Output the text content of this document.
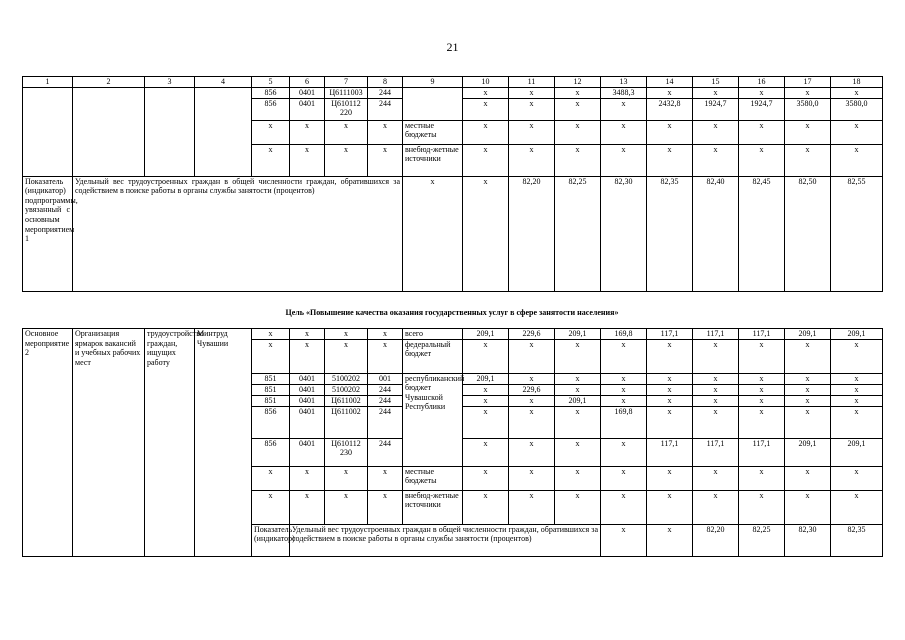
21
1	2	3	4	5	6	7	8	9	10	11	12	13	14	15	16	17	18
				856	0401	Ц6111003	244		x	x	x	3488,3	x	x	x	x	x
				856	0401	Ц610112 220	244		x	x	x	x	2432,8	1924,7	1924,7	3580,0	3580,0
				x	x	x	x	местные бюджеты	x	x	x	x	x	x	x	x	x
				x	x	x	x	внебюд-жетные источники	x	x	x	x	x	x	x	x	x
Показатель (индикатор) подпрограммы, увязанный с основным мероприятием 1	Удельный вес трудоустроенных граждан в общей численности граждан, обратившихся за содействием в поиске работы в органы службы занятости (процентов)							x	x	82,20	82,25	82,30	82,35	82,40	82,45	82,50	82,55
Цель «Повышение качества оказания государственных услуг в сфере занятости населения»
Основное мероприятие 2	Организация ярмарок вакансий и учебных рабочих мест	трудоустройство граждан, ищущих работу	Минтруд Чувашии	x	x	x	x	всего	209,1	229,6	209,1	169,8	117,1	117,1	117,1	209,1	209,1	
				x	x	x	x	федеральный бюджет	x	x	x	x	x	x	x	x	x	
				851	0401	5100202	001	республиканский бюджет Чувашской Республики	209,1	x	x	x	x	x	x	x	x	
				851	0401	5100202	244		x	229,6	x	x	x	x	x	x	x	
				851	0401	Ц611002	244		x	x	209,1	x	x	x	x	x	x	
				856	0401	Ц611002	244		x	x	x	169,8	x	x	x	x	x	
				856	0401	Ц610112 230	244		x	x	x	x	117,1	117,1	117,1	209,1	209,1	
				x	x	x	x	местные бюджеты	x	x	x	x	x	x	x	x	x	
				x	x	x	x	внебюд-жетные источники	x	x	x	x	x	x	x	x	x	
				Показатель (индикатор)	Удельный вес трудоустроенных граждан в общей численности граждан, обратившихся за содействием в поиске работы в органы службы занятости (процентов)							x	x	82,20	82,25	82,30	82,35				
